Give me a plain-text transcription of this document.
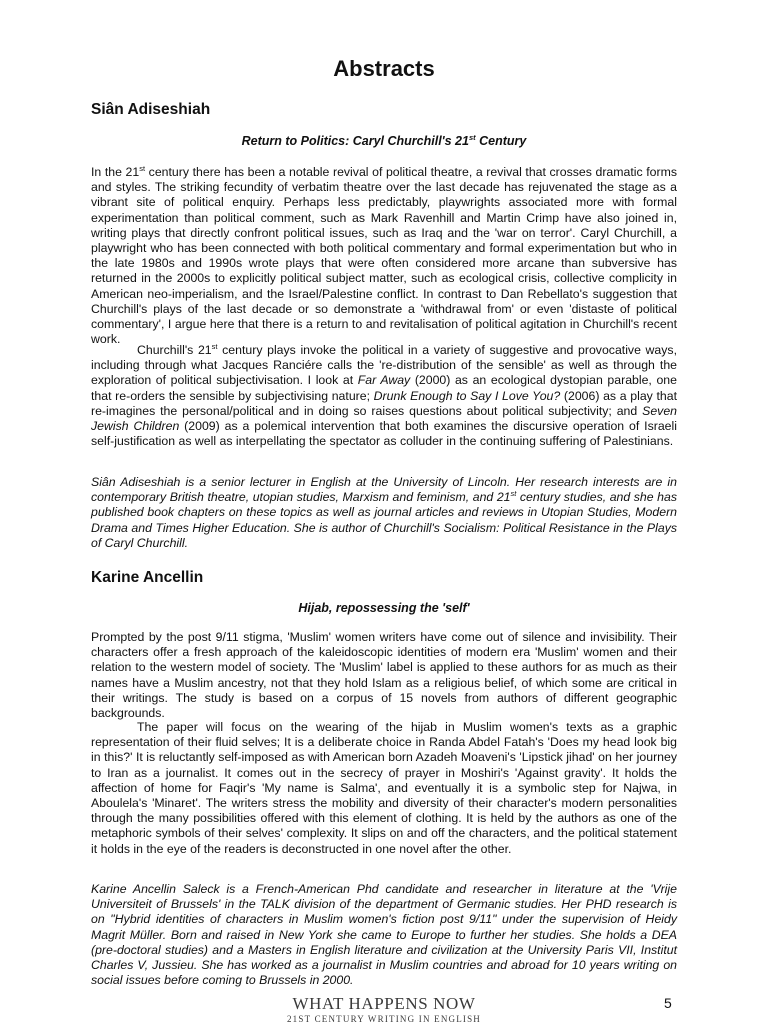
Abstracts
Siân Adiseshiah

Return to Politics: Caryl Churchill's 21st Century

In the 21st century there has been a notable revival of political theatre, a revival that crosses dramatic forms and styles. The striking fecundity of verbatim theatre over the last decade has rejuvenated the stage as a vibrant site of political enquiry. Perhaps less predictably, playwrights associated more with formal experimentation than political comment, such as Mark Ravenhill and Martin Crimp have also joined in, writing plays that directly confront political issues, such as Iraq and the 'war on terror'. Caryl Churchill, a playwright who has been connected with both political commentary and formal experimentation but who in the late 1980s and 1990s wrote plays that were often considered more arcane than subversive has returned in the 2000s to explicitly political subject matter, such as ecological crisis, collective complicity in American neo-imperialism, and the Israel/Palestine conflict. In contrast to Dan Rebellato's suggestion that Churchill's plays of the last decade or so demonstrate a 'withdrawal from' or even 'distaste of political commentary', I argue here that there is a return to and revitalisation of political agitation in Churchill's recent work.

Churchill's 21st century plays invoke the political in a variety of suggestive and provocative ways, including through what Jacques Ranciére calls the 're-distribution of the sensible' as well as through the exploration of political subjectivisation. I look at Far Away (2000) as an ecological dystopian parable, one that re-orders the sensible by subjectivising nature; Drunk Enough to Say I Love You? (2006) as a play that re-imagines the personal/political and in doing so raises questions about political subjectivity; and Seven Jewish Children (2009) as a polemical intervention that both examines the discursive operation of Israeli self-justification as well as interpellating the spectator as colluder in the continuing suffering of Palestinians.

Siân Adiseshiah is a senior lecturer in English at the University of Lincoln. Her research interests are in contemporary British theatre, utopian studies, Marxism and feminism, and 21st century studies, and she has published book chapters on these topics as well as journal articles and reviews in Utopian Studies, Modern Drama and Times Higher Education. She is author of Churchill's Socialism: Political Resistance in the Plays of Caryl Churchill.

Karine Ancellin

Hijab, repossessing the 'self'

Prompted by the post 9/11 stigma, 'Muslim' women writers have come out of silence and invisibility. Their characters offer a fresh approach of the kaleidoscopic identities of modern era 'Muslim' women and their relation to the western model of society. The 'Muslim' label is applied to these authors for as much as their names have a Muslim ancestry, not that they hold Islam as a religious belief, of which some are critical in their writings. The study is based on a corpus of 15 novels from authors of different geographic backgrounds.

The paper will focus on the wearing of the hijab in Muslim women's texts as a graphic representation of their fluid selves; It is a deliberate choice in Randa Abdel Fatah's 'Does my head look big in this?' It is reluctantly self-imposed as with American born Azadeh Moaveni's 'Lipstick jihad' on her journey to Iran as a journalist. It comes out in the secrecy of prayer in Moshiri's 'Against gravity'. It holds the affection of home for Faqir's 'My name is Salma', and eventually it is a symbolic step for Najwa, in Aboulela's 'Minaret'. The writers stress the mobility and diversity of their character's modern personalities through the many possibilities offered with this element of clothing. It is held by the authors as one of the metaphoric symbols of their selves' complexity. It slips on and off the characters, and the political statement it holds in the eye of the readers is deconstructed in one novel after the other.

Karine Ancellin Saleck is a French-American Phd candidate and researcher in literature at the 'Vrije Universiteit of Brussels' in the TALK division of the department of Germanic studies. Her PHD research is on "Hybrid identities of characters in Muslim women's fiction post 9/11" under the supervision of Heidy Magrit Müller. Born and raised in New York she came to Europe to further her studies. She holds a DEA (pre-doctoral studies) and a Masters in English literature and civilization at the University Paris VII, Institut Charles V, Jussieu. She has worked as a journalist in Muslim countries and abroad for 10 years writing on social issues before coming to Brussels in 2000.

WHAT HAPPENS NOW
21ST CENTURY WRITING IN ENGLISH
5
